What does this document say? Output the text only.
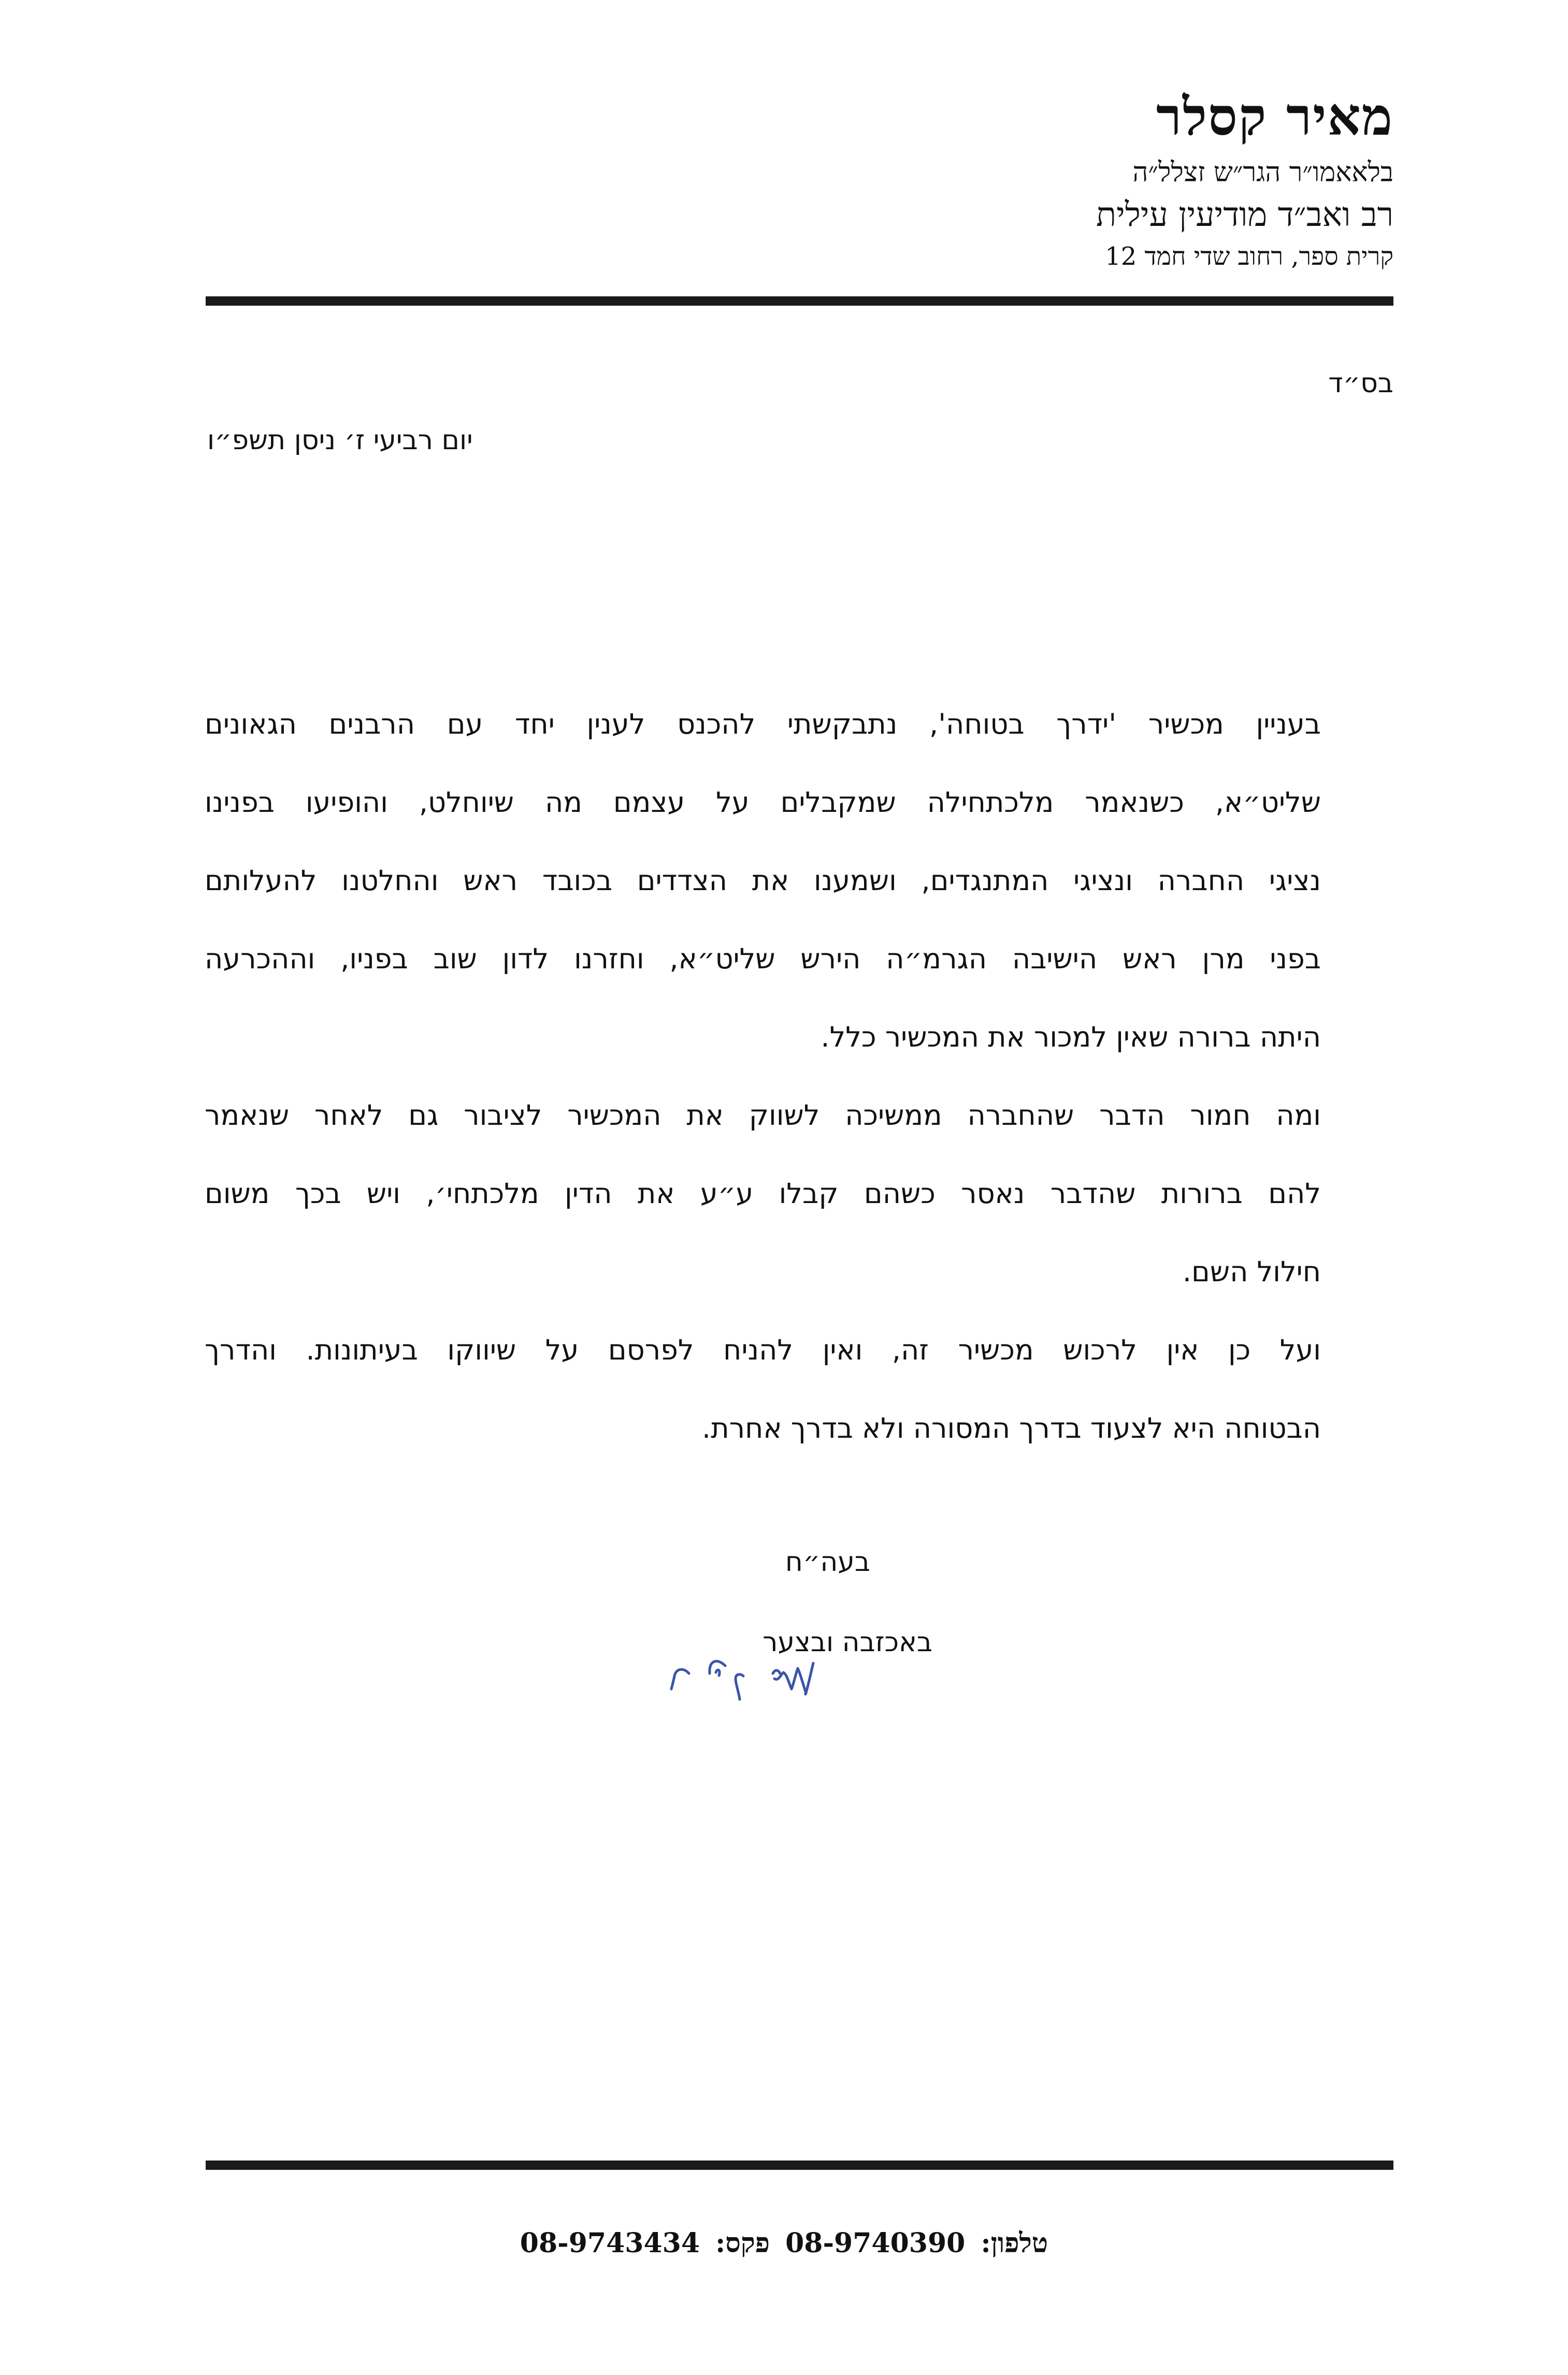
מאיר קסלר
בלאאמו״ר הגר״ש זצלל״ה
רב ואב״ד מודיעין עילית
קרית ספר, רחוב שדי חמד 12
בס״ד
יום רביעי ז׳ ניסן תשפ״ו
בעניין מכשיר 'ידרך בטוחה', נתבקשתי להכנס לענין יחד עם הרבנים הגאונים
שליט״א, כשנאמר מלכתחילה שמקבלים על עצמם מה שיוחלט, והופיעו בפנינו
נציגי החברה ונציגי המתנגדים, ושמענו את הצדדים בכובד ראש והחלטנו להעלותם
בפני מרן ראש הישיבה הגרמ״ה הירש שליט״א, וחזרנו לדון שוב בפניו, וההכרעה
היתה ברורה שאין למכור את המכשיר כלל.
ומה חמור הדבר שהחברה ממשיכה לשווק את המכשיר לציבור גם לאחר שנאמר
להם ברורות שהדבר נאסר כשהם קבלו ע״ע את הדין מלכתחי׳, ויש בכך משום
חילול השם.
ועל כן אין לרכוש מכשיר זה, ואין להניח לפרסם על שיווקו בעיתונות. והדרך
הבטוחה היא לצעוד בדרך המסורה ולא בדרך אחרת.
בעה״ח
באכזבה ובצער
טלפון: 08-9740390 פקס: 08-9743434
